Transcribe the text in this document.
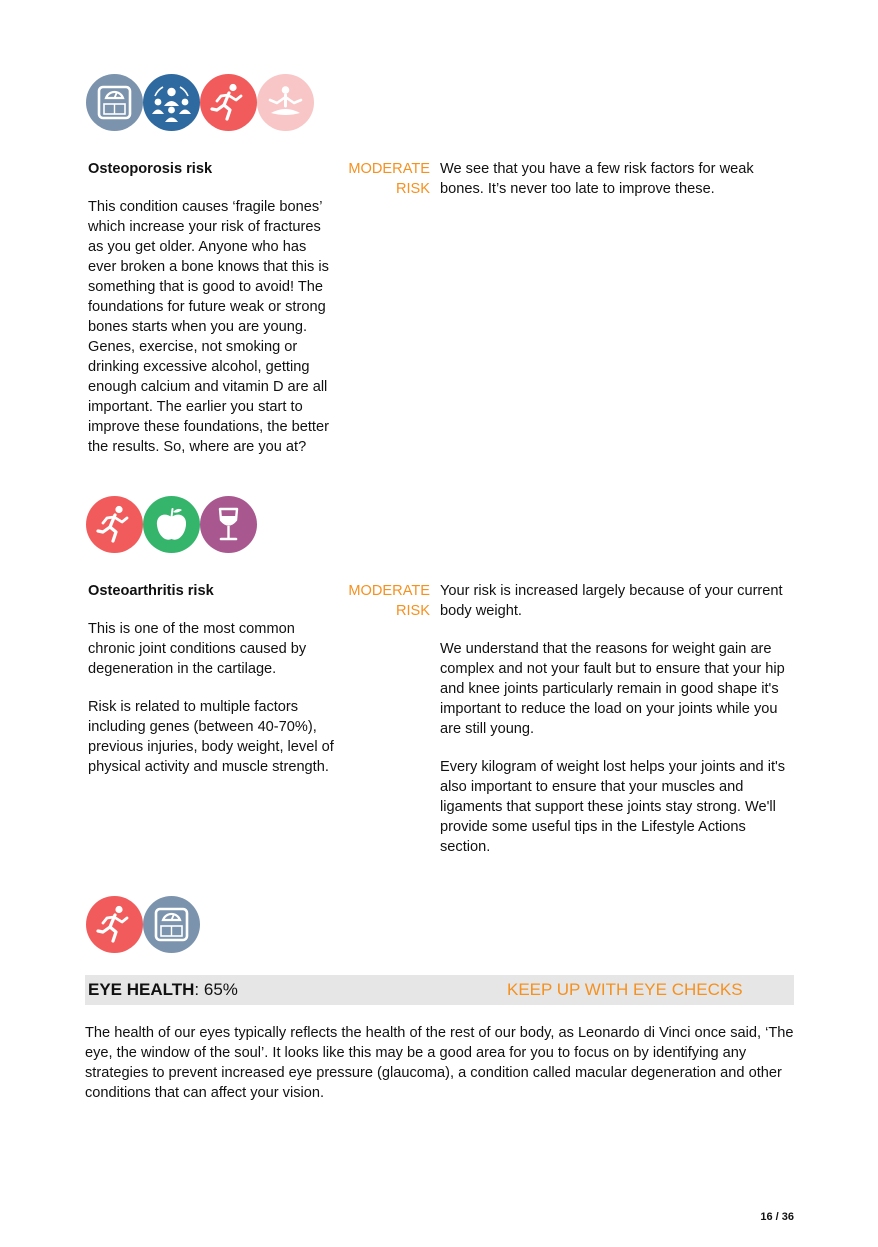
Osteoporosis risk

This condition causes ‘fragile bones’ which increase your risk of fractures as you get older. Anyone who has ever broken a bone knows that this is something that is good to avoid! The foundations for future weak or strong bones starts when you are young. Genes, exercise, not smoking or drinking excessive alcohol, getting enough calcium and vitamin D are all important. The earlier you start to improve these foundations, the better the results. So, where are you at?

MODERATE
RISK

We see that you have a few risk factors for weak bones. It’s never too late to improve these.

Osteoarthritis risk

This is one of the most common chronic joint conditions caused by degeneration in the cartilage.

Risk is related to multiple factors including genes (between 40-70%), previous injuries, body weight, level of physical activity and muscle strength.

MODERATE
RISK

Your risk is increased largely because of your current body weight.

We understand that the reasons for weight gain are complex and not your fault but to ensure that your hip and knee joints particularly remain in good shape it's important to reduce the load on your joints while you are still young.

Every kilogram of weight lost helps your joints and it's also important to ensure that your muscles and ligaments that support these joints stay strong. We'll provide some useful tips in the Lifestyle Actions section.

EYE HEALTH: 65%	KEEP UP WITH EYE CHECKS
The health of our eyes typically reflects the health of the rest of our body, as Leonardo di Vinci once said, ‘The eye, the window of the soul’. It looks like this may be a good area for you to focus on by identifying any strategies to prevent increased eye pressure (glaucoma), a condition called macular degeneration and other conditions that can affect your vision.
16 / 36
